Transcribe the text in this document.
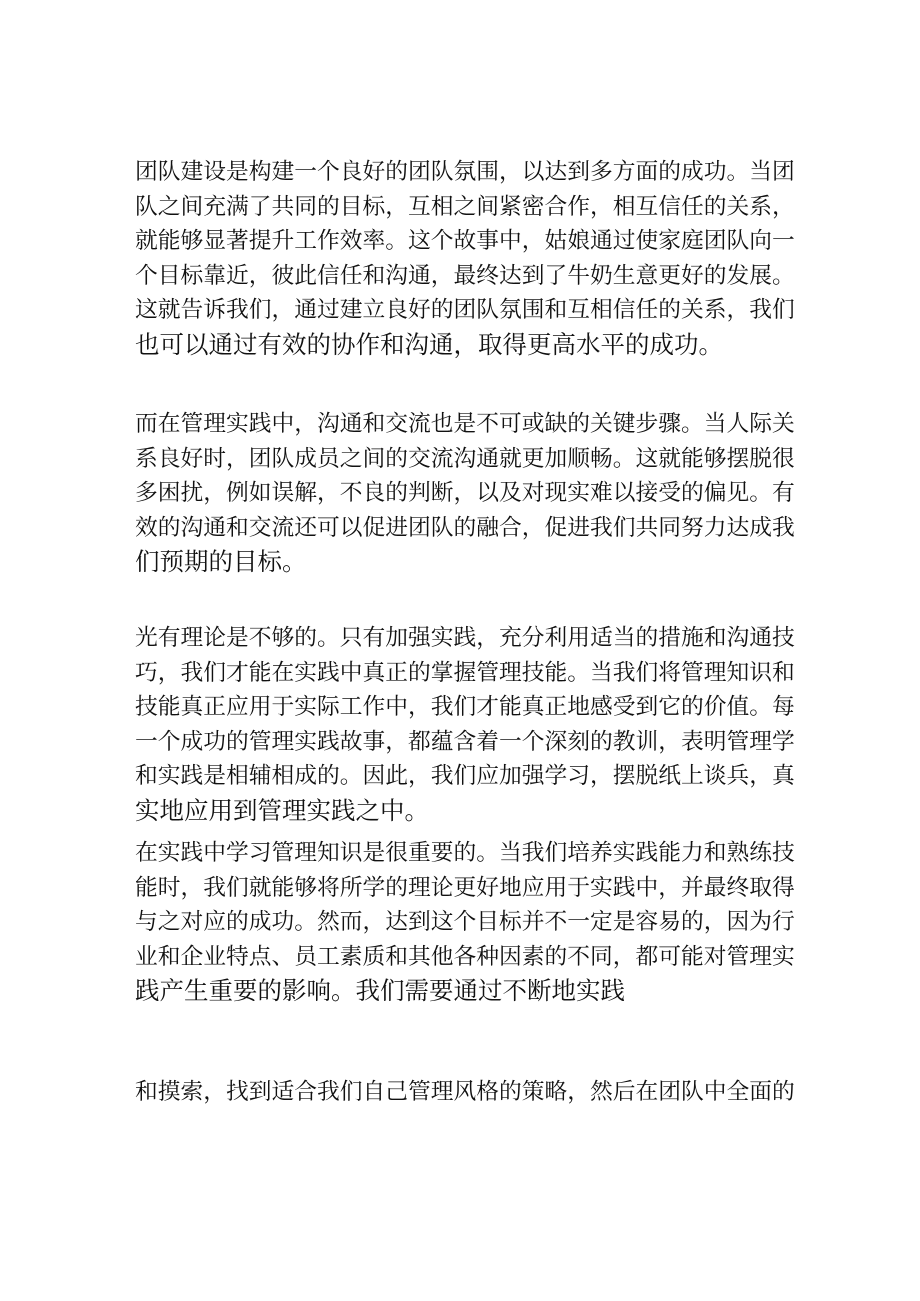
团队建设是构建一个良好的团队氛围，以达到多方面的成功。当团
队之间充满了共同的目标，互相之间紧密合作，相互信任的关系，
就能够显著提升工作效率。这个故事中，姑娘通过使家庭团队向一
个目标靠近，彼此信任和沟通，最终达到了牛奶生意更好的发展。
这就告诉我们，通过建立良好的团队氛围和互相信任的关系，我们
也可以通过有效的协作和沟通，取得更高水平的成功。

而在管理实践中，沟通和交流也是不可或缺的关键步骤。当人际关
系良好时，团队成员之间的交流沟通就更加顺畅。这就能够摆脱很
多困扰，例如误解，不良的判断，以及对现实难以接受的偏见。有
效的沟通和交流还可以促进团队的融合，促进我们共同努力达成我
们预期的目标。

光有理论是不够的。只有加强实践，充分利用适当的措施和沟通技
巧，我们才能在实践中真正的掌握管理技能。当我们将管理知识和
技能真正应用于实际工作中，我们才能真正地感受到它的价值。每
一个成功的管理实践故事，都蕴含着一个深刻的教训，表明管理学
和实践是相辅相成的。因此，我们应加强学习，摆脱纸上谈兵，真
实地应用到管理实践之中。

在实践中学习管理知识是很重要的。当我们培养实践能力和熟练技
能时，我们就能够将所学的理论更好地应用于实践中，并最终取得
与之对应的成功。然而，达到这个目标并不一定是容易的，因为行
业和企业特点、员工素质和其他各种因素的不同，都可能对管理实
践产生重要的影响。我们需要通过不断地实践

和摸索，找到适合我们自己管理风格的策略，然后在团队中全面的
